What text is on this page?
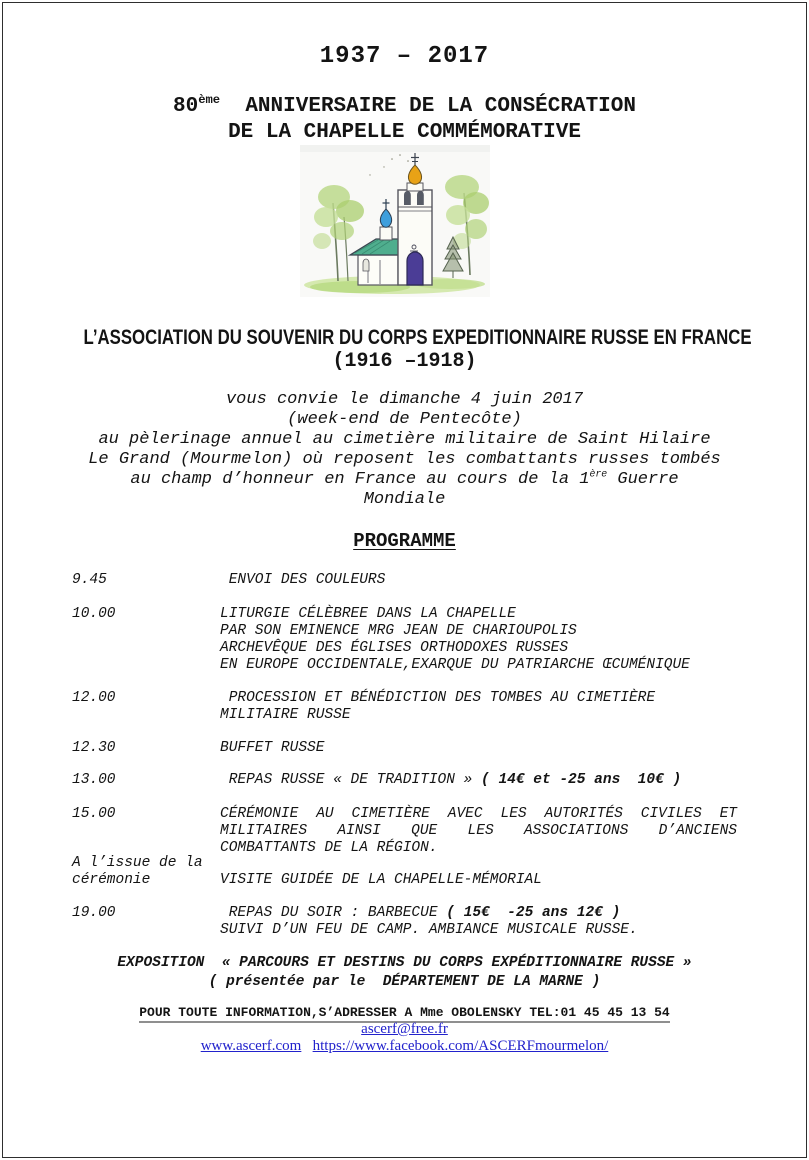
1937 – 2017
80ème  ANNIVERSAIRE DE LA CONSÉCRATION
DE LA CHAPELLE COMMÉMORATIVE
L’ASSOCIATION DU SOUVENIR DU CORPS EXPEDITIONNAIRE RUSSE EN FRANCE
(1916 –1918)
vous convie le dimanche 4 juin 2017
(week-end de Pentecôte)
au pèlerinage annuel au cimetière militaire de Saint Hilaire
Le Grand (Mourmelon) où reposent les combattants russes tombés
au champ d’honneur en France au cours de la 1ère Guerre
Mondiale
PROGRAMME
9.45	ENVOI DES COULEURS
10.00	LITURGIE CÉLÈBREE DANS LA CHAPELLE
PAR SON EMINENCE MRG JEAN DE CHARIOUPOLIS
ARCHEVÊQUE DES ÉGLISES ORTHODOXES RUSSES
EN EUROPE OCCIDENTALE,EXARQUE DU PATRIARCHE ŒCUMÉNIQUE
12.00	PROCESSION ET BÉNÉDICTION DES TOMBES AU CIMETIÈRE
MILITAIRE RUSSE
12.30	BUFFET RUSSE
13.00	REPAS RUSSE « DE TRADITION » ( 14€ et -25 ans  10€ )
15.00	CÉRÉMONIE AU CIMETIÈRE AVEC LES AUTORITÉS CIVILES ET
MILITAIRES AINSI QUE LES ASSOCIATIONS D’ANCIENS
COMBATTANTS DE LA RÉGION.
A l’issue de la
cérémonie	VISITE GUIDÉE DE LA CHAPELLE-MÉMORIAL
19.00	REPAS DU SOIR : BARBECUE ( 15€  -25 ans 12€ )
SUIVI D’UN FEU DE CAMP. AMBIANCE MUSICALE RUSSE.
EXPOSITION  « PARCOURS ET DESTINS DU CORPS EXPÉDITIONNAIRE RUSSE »
( présentée par le  DÉPARTEMENT DE LA MARNE )
POUR TOUTE INFORMATION,S’ADRESSER A Mme OBOLENSKY TEL:01 45 45 13 54
ascerf@free.fr
www.ascerf.com https://www.facebook.com/ASCERFmourmelon/
